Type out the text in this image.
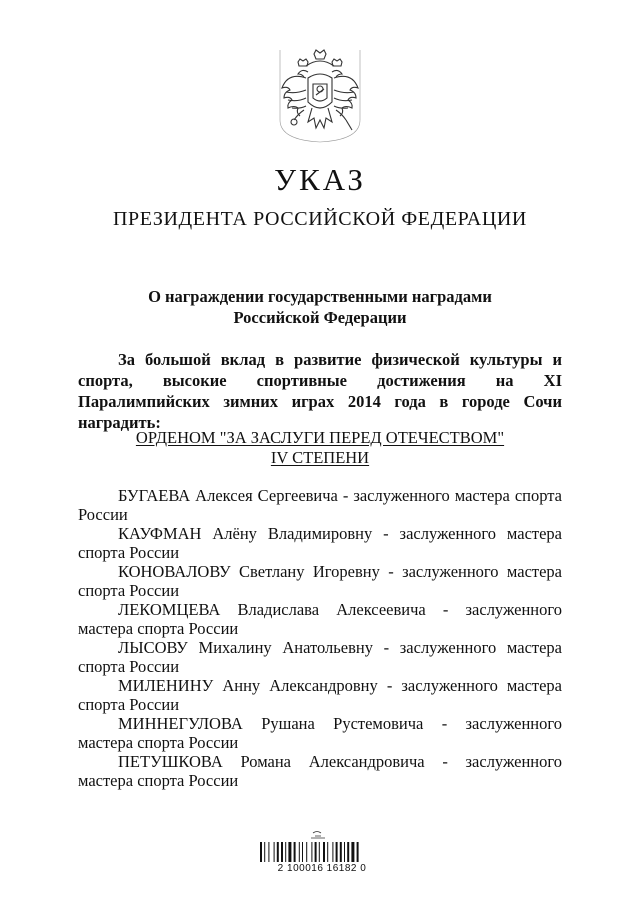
УКАЗ
ПРЕЗИДЕНТА РОССИЙСКОЙ ФЕДЕРАЦИИ
О награждении государственными наградами
Российской Федерации

За большой вклад в развитие физической культуры и спорта, высокие спортивные достижения на XI Паралимпийских зимних играх 2014 года в городе Сочи наградить:

ОРДЕНОМ "ЗА ЗАСЛУГИ ПЕРЕД ОТЕЧЕСТВОМ"
IV СТЕПЕНИ
БУГАЕВА Алексея Сергеевича - заслуженного мастера спорта России
КАУФМАН Алёну Владимировну - заслуженного мастера спорта России
КОНОВАЛОВУ Светлану Игоревну - заслуженного мастера спорта России
ЛЕКОМЦЕВА Владислава Алексеевича - заслуженного мастера спорта России
ЛЫСОВУ Михалину Анатольевну - заслуженного мастера спорта России
МИЛЕНИНУ Анну Александровну - заслуженного мастера спорта России
МИННЕГУЛОВА Рушана Рустемовича - заслуженного мастера спорта России
ПЕТУШКОВА Романа Александровича - заслуженного мастера спорта России
2 100016 16182 0
